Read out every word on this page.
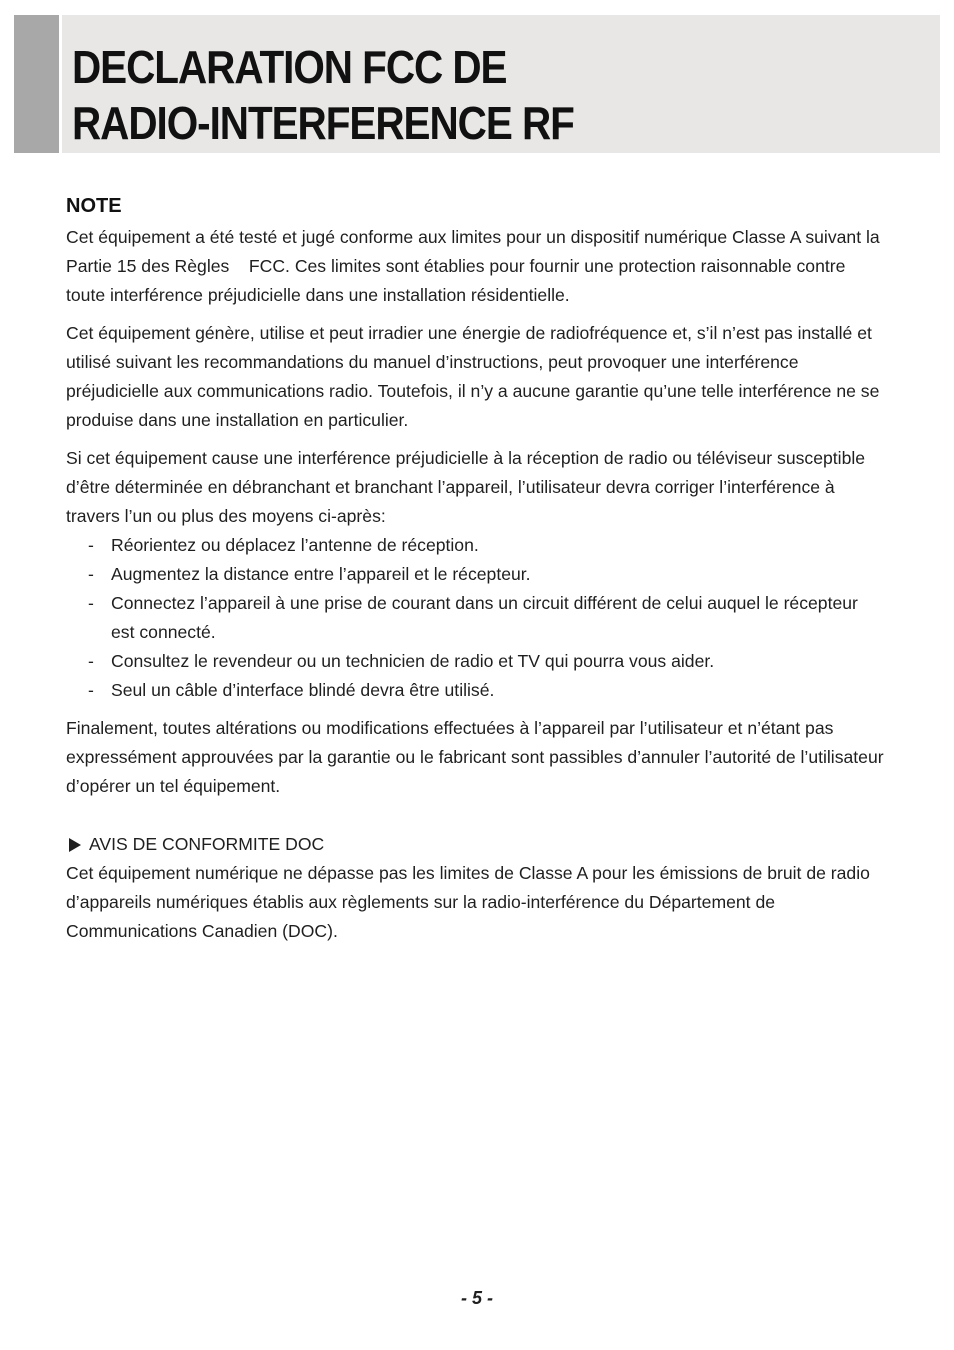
DECLARATION FCC DE
RADIO-INTERFERENCE RF
NOTE

Cet équipement a été testé et jugé conforme aux limites pour un dispositif numérique Classe A suivant la Partie 15 des Règles    FCC. Ces limites sont établies pour fournir une protection raisonnable contre toute interférence préjudicielle dans une installation résidentielle.

Cet équipement génère, utilise et peut irradier une énergie de radiofréquence et, s’il n’est pas installé et utilisé suivant les recommandations du manuel d’instructions, peut provoquer une interférence préjudicielle aux communications radio. Toutefois, il n’y a aucune garantie qu’une telle interférence ne se produise dans une installation en particulier.

Si cet équipement cause une interférence préjudicielle à la réception de radio ou téléviseur susceptible d’être déterminée en débranchant et branchant l’appareil, l’utilisateur devra corriger l’interférence à travers l’un ou plus des moyens ci-après:

- Réorientez ou déplacez l’antenne de réception.
- Augmentez la distance entre l’appareil et le récepteur.
- Connectez l’appareil à une prise de courant dans un circuit différent de celui auquel le récepteur est connecté.
- Consultez le revendeur ou un technicien de radio et TV qui pourra vous aider.
- Seul un câble d’interface blindé devra être utilisé.

Finalement, toutes altérations ou modifications effectuées à l’appareil par l’utilisateur et n’étant pas expressément approuvées par la garantie ou le fabricant sont passibles d’annuler l’autorité de l’utilisateur d’opérer un tel équipement.

AVIS DE CONFORMITE DOC

Cet équipement numérique ne dépasse pas les limites de Classe A pour les émissions de bruit de radio d’appareils numériques établis aux règlements sur la radio-interférence du Département de Communications Canadien (DOC).

- 5 -
